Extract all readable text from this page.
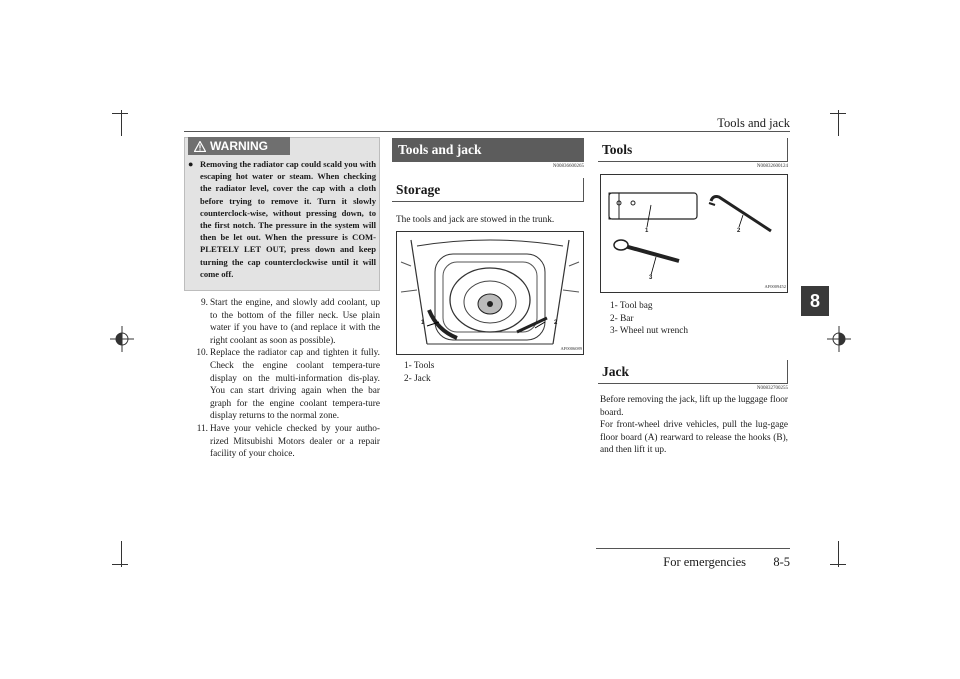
Tools and jack
8
WARNING
● Removing the radiator cap could scald you with escaping hot water or steam. When checking the radiator level, cover the cap with a cloth before trying to remove it. Turn it slowly counterclock-wise, without pressing down, to the first notch. The pressure in the system will then be let out. When the pressure is COM-PLETELY LET OUT, press down and keep turning the cap counterclockwise until it will come off.
9. Start the engine, and slowly add coolant, up to the bottom of the filler neck. Use plain water if you have to (and replace it with the right coolant as soon as possible).
10. Replace the radiator cap and tighten it fully. Check the engine coolant tempera-ture display on the multi-information dis-play. You can start driving again when the bar graph for the engine coolant tempera-ture display returns to the normal zone.
11. Have your vehicle checked by your autho-rized Mitsubishi Motors dealer or a repair facility of your choice.
Tools and jack
N00836600265
Storage
The tools and jack are stowed in the trunk.
1	2
AF0006089
1- Tools
2- Jack
Tools
N00832600124
1	2
3
AF0009452
1- Tool bag
2- Bar
3- Wheel nut wrench
Jack
N00832700255
Before removing the jack, lift up the luggage floor board.
For front-wheel drive vehicles, pull the lug-gage floor board (A) rearward to release the hooks (B), and then lift it up.
For emergencies	8-5
